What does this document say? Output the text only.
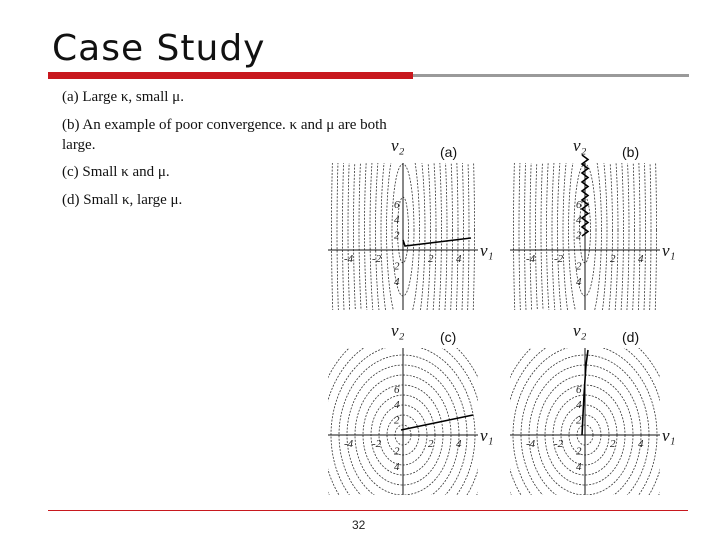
Case Study
(a) Large κ, small μ.
(b) An example of poor convergence. κ and μ are both
large.
(c) Small κ and μ.
(d) Small κ, large μ.
-4 -2	2 4
6
4
2
2
4
v₂
v₁
(a)
-4 -2	2 4
6
4
2
2
4
v₂
v₁
(b)
-4 -2	2 4
6
4
2
2
4
v₂
v₁
(c)
-4 -2	2 4
6
4
2
2
4
v₂
v₁
(d)
32
